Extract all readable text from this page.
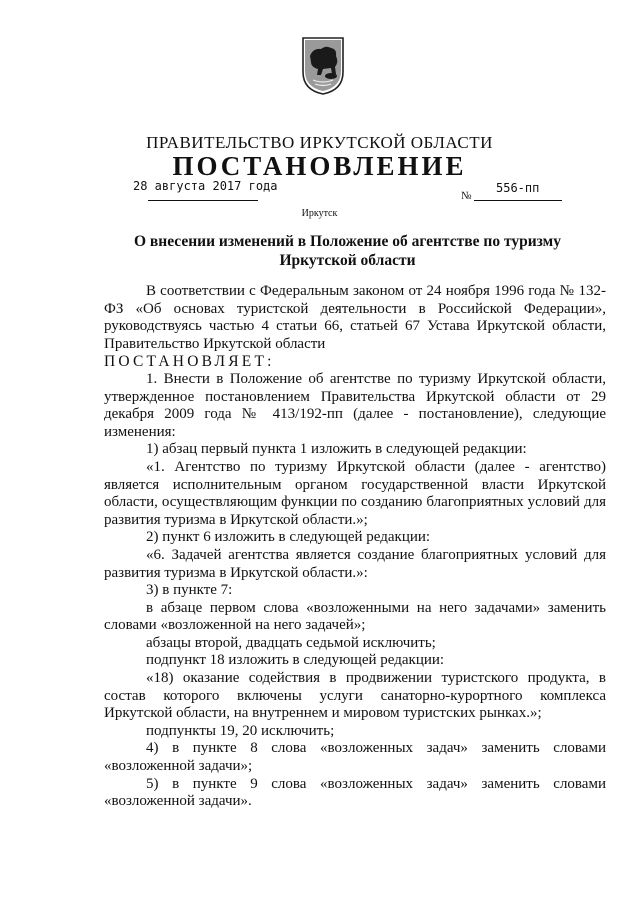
ПРАВИТЕЛЬСТВО ИРКУТСКОЙ ОБЛАСТИ
ПОСТАНОВЛЕНИЕ
28 августа 2017 года
№
556-пп
Иркутск
О внесении изменений в Положение об агентстве по туризму
Иркутской области

В соответствии с Федеральным законом от 24 ноября 1996 года № 132-ФЗ «Об основах туристской деятельности в Российской Федерации», руководствуясь частью 4 статьи 66, статьей 67 Устава Иркутской области, Правительство Иркутской области

ПОСТАНОВЛЯЕТ:

1. Внести в Положение об агентстве по туризму Иркутской области, утвержденное постановлением Правительства Иркутской области от 29 декабря 2009 года № 413/192-пп (далее - постановление), следующие изменения:

1) абзац первый пункта 1 изложить в следующей редакции:

«1. Агентство по туризму Иркутской области (далее - агентство) является исполнительным органом государственной власти Иркутской области, осуществляющим функции по созданию благоприятных условий для развития туризма в Иркутской области.»;

2) пункт 6 изложить в следующей редакции:

«6. Задачей агентства является создание благоприятных условий для развития туризма в Иркутской области.»:

3) в пункте 7:

в абзаце первом слова «возложенными на него задачами» заменить словами «возложенной на него задачей»;

абзацы второй, двадцать седьмой исключить;

подпункт 18 изложить в следующей редакции:

«18) оказание содействия в продвижении туристского продукта, в состав которого включены услуги санаторно-курортного комплекса Иркутской области, на внутреннем и мировом туристских рынках.»;

подпункты 19, 20 исключить;

4) в пункте 8 слова «возложенных задач» заменить словами «возложенной задачи»;

5) в пункте 9 слова «возложенных задач» заменить словами «возложенной задачи».
